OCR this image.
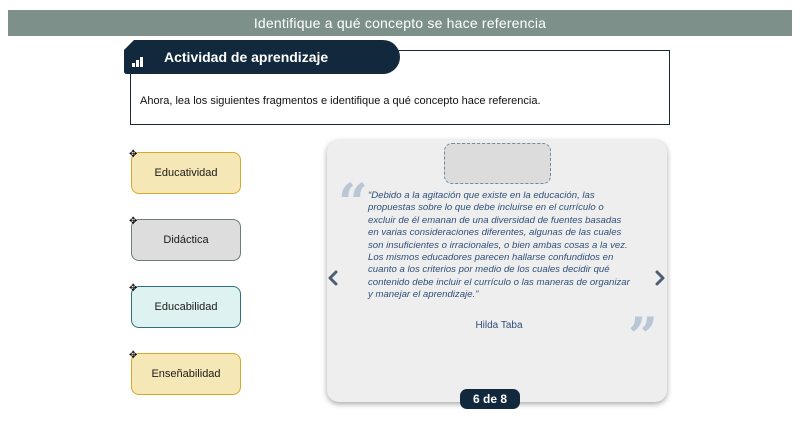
Identifique a qué concepto se hace referencia
Actividad de aprendizaje
Ahora, lea los siguientes fragmentos e identifique a qué concepto hace referencia.
✥
Educatividad
✥
Didáctica
✥
Educabilidad
✥
Enseñabilidad
“ “Debido a la agitación que existe en la educación, las propuestas sobre lo que debe incluirse en el currículo o excluir de él emanan de una diversidad de fuentes basadas en varias consideraciones diferentes, algunas de las cuales son insuficientes o irracionales, o bien ambas cosas a la vez. Los mismos educadores parecen hallarse confundidos en cuanto a los criterios por medio de los cuales decidir qué contenido debe incluir el currículo o las maneras de organizar y manejar el aprendizaje.”
Hilda Taba	”
6 de 8
